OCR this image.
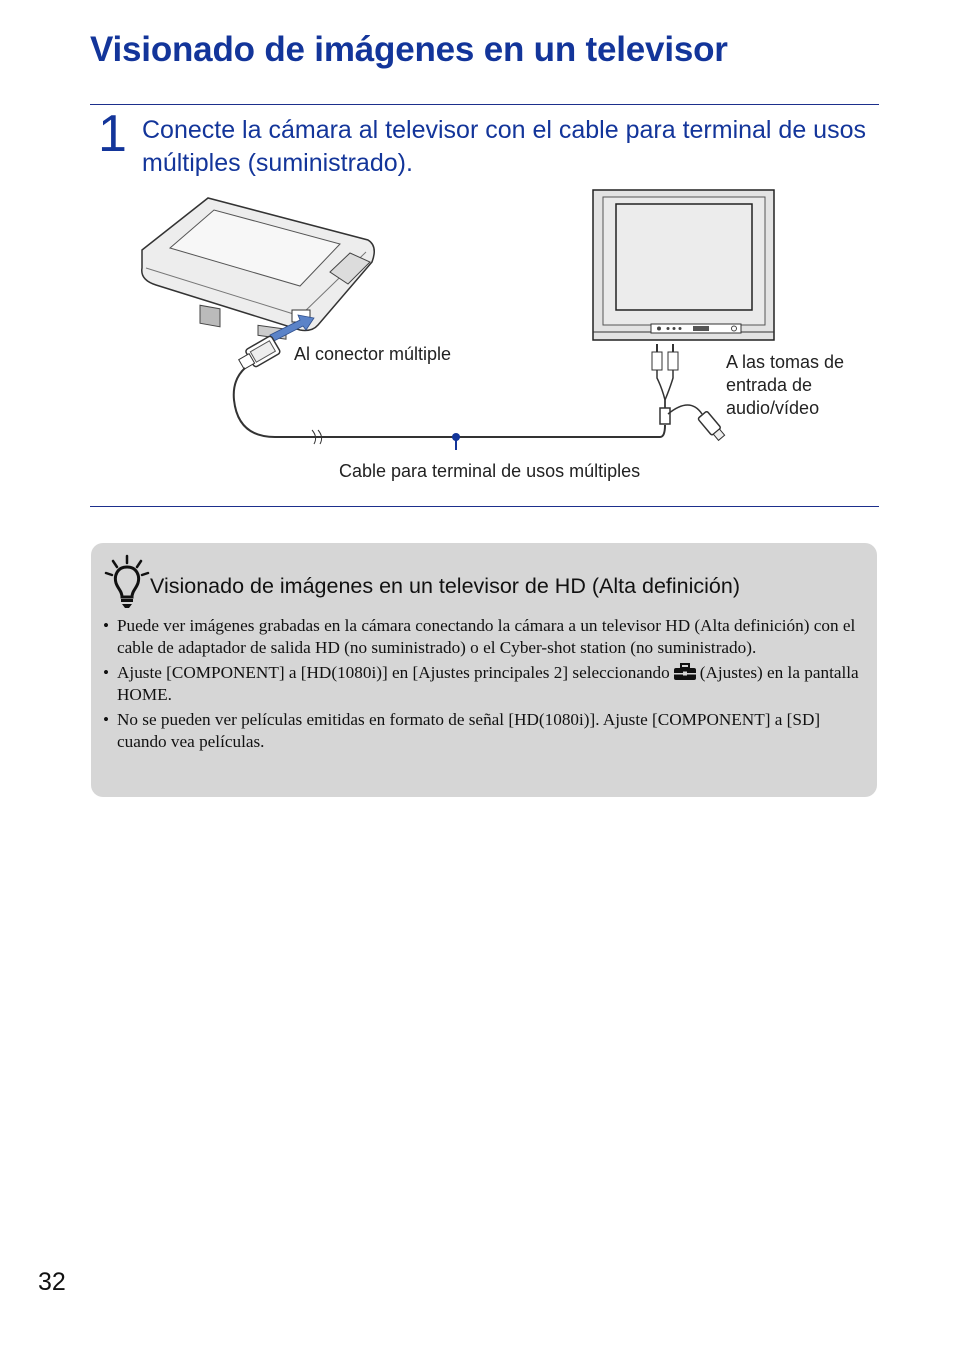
Visionado de imágenes en un televisor
1 Conecte la cámara al televisor con el cable para terminal de usos múltiples (suministrado).
Al conector múltiple	A las tomas de
entrada de
audio/vídeo
Cable para terminal de usos múltiples
Visionado de imágenes en un televisor de HD (Alta definición)
• Puede ver imágenes grabadas en la cámara conectando la cámara a un televisor HD (Alta definición) con el cable de adaptador de salida HD (no suministrado) o el Cyber-shot station (no suministrado).
• Ajuste [COMPONENT] a [HD(1080i)] en [Ajustes principales 2] seleccionando (Ajustes) en la pantalla HOME.
• No se pueden ver películas emitidas en formato de señal [HD(1080i)]. Ajuste [COMPONENT] a [SD] cuando vea películas.
32
